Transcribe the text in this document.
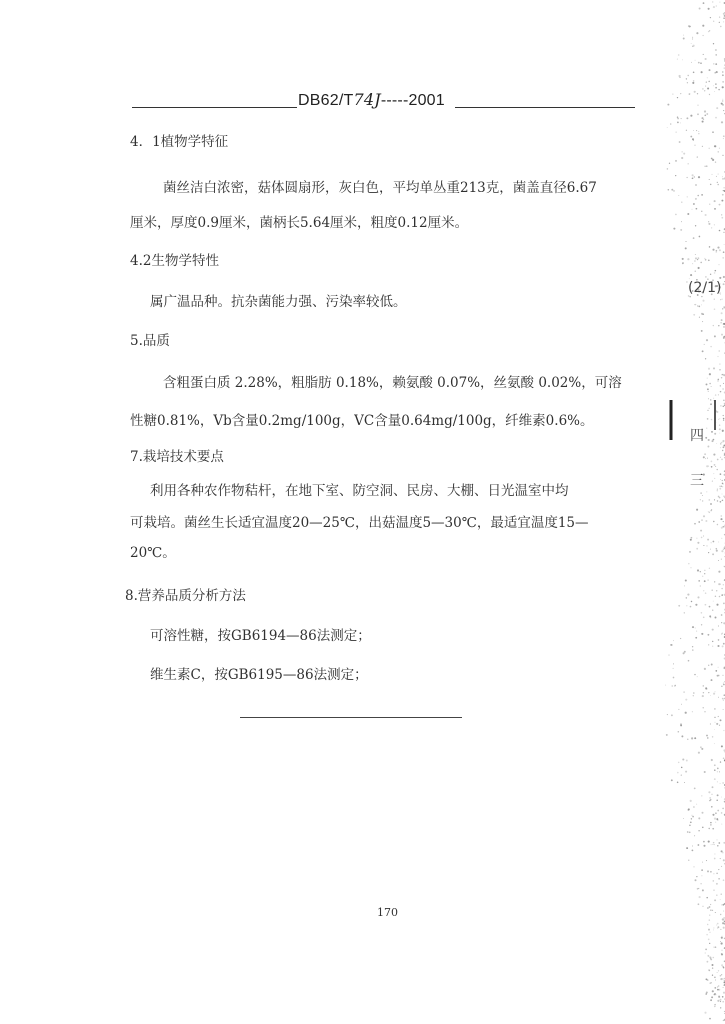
DB62/T74J-----2001
4．1植物学特征
菌丝洁白浓密，菇体圆扇形，灰白色，平均单丛重213克，菌盖直径6.67
厘米，厚度0.9厘米，菌柄长5.64厘米，粗度0.12厘米。
4.2生物学特性
属广温品种。抗杂菌能力强、污染率较低。
5.品质
含粗蛋白质 2.28%，粗脂肪 0.18%，赖氨酸 0.07%，丝氨酸 0.02%，可溶
性糖0.81%，Vb含量0.2mg/100g，VC含量0.64mg/100g，纤维素0.6%。
7.栽培技术要点
利用各种农作物秸杆，在地下室、防空洞、民房、大棚、日光温室中均
可栽培。菌丝生长适宜温度20—25℃，出菇温度5—30℃，最适宜温度15—
20℃。
8.营养品质分析方法
可溶性糖，按GB6194—86法测定；
维生素C，按GB6195—86法测定；
170
(2/1)
四
三
